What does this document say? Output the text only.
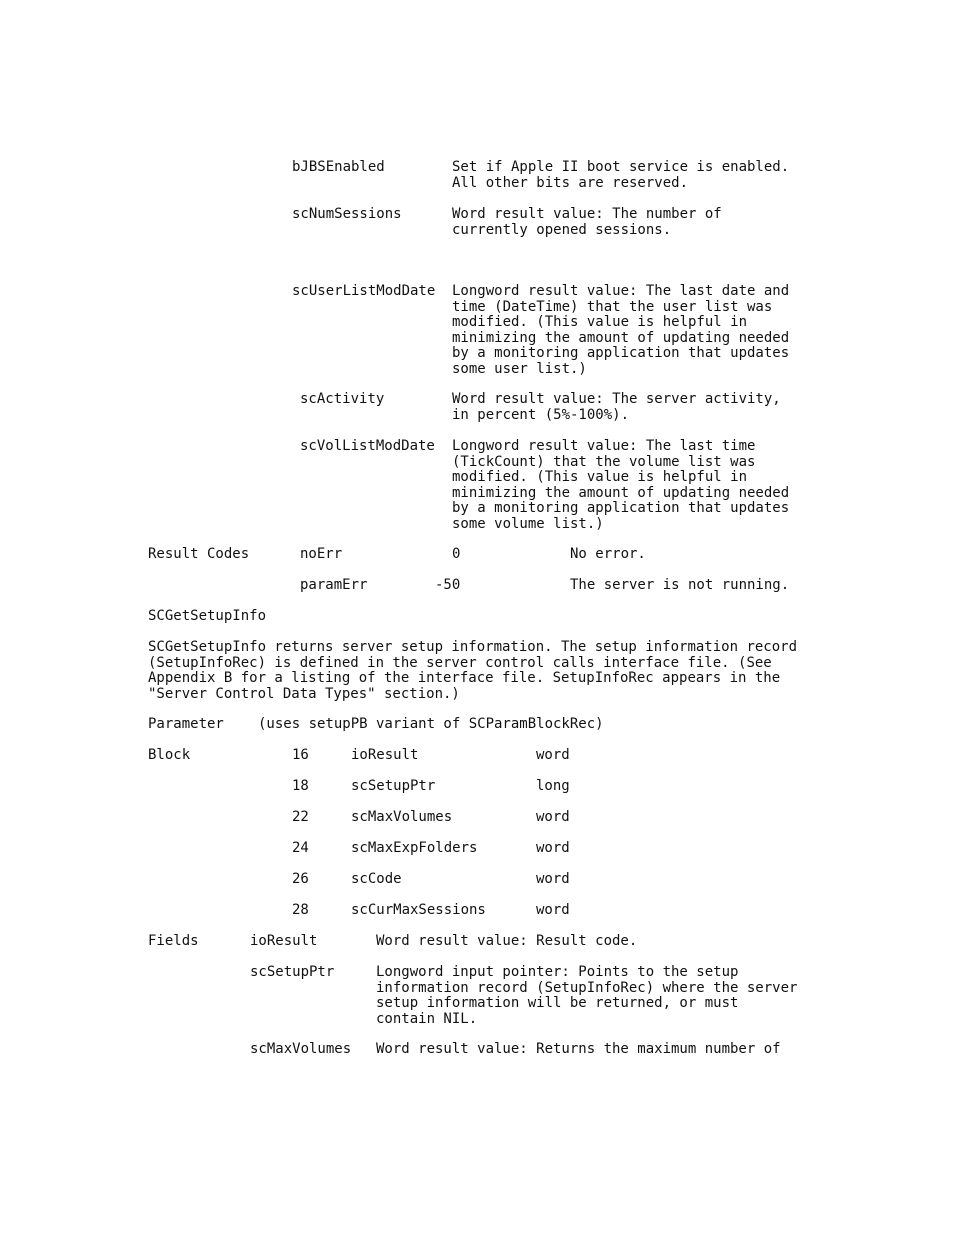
bJBSEnabled	Set if Apple II boot service is enabled.
All other bits are reserved.
scNumSessions	Word result value: The number of
currently opened sessions.
scUserListModDate Longword result value: The last date and
time (DateTime) that the user list was
modified. (This value is helpful in
minimizing the amount of updating needed
by a monitoring application that updates
some user list.)
scActivity	Word result value: The server activity,
in percent (5%-100%).
scVolListModDate Longword result value: The last time
(TickCount) that the volume list was
modified. (This value is helpful in
minimizing the amount of updating needed
by a monitoring application that updates
some volume list.)
Result Codes	noErr	0	No error.
paramErr	-50	The server is not running.
SCGetSetupInfo
SCGetSetupInfo returns server setup information. The setup information record
(SetupInfoRec) is defined in the server control calls interface file. (See
Appendix B for a listing of the interface file. SetupInfoRec appears in the
"Server Control Data Types" section.)
Parameter (uses setupPB variant of SCParamBlockRec)
Block	16	ioResult	word
18	scSetupPtr	long
22	scMaxVolumes	word
24	scMaxExpFolders	word
26	scCode	word
28	scCurMaxSessions	word
Fields	ioResult	Word result value: Result code.
scSetupPtr	Longword input pointer: Points to the setup
information record (SetupInfoRec) where the server
setup information will be returned, or must
contain NIL.
scMaxVolumes Word result value: Returns the maximum number of
